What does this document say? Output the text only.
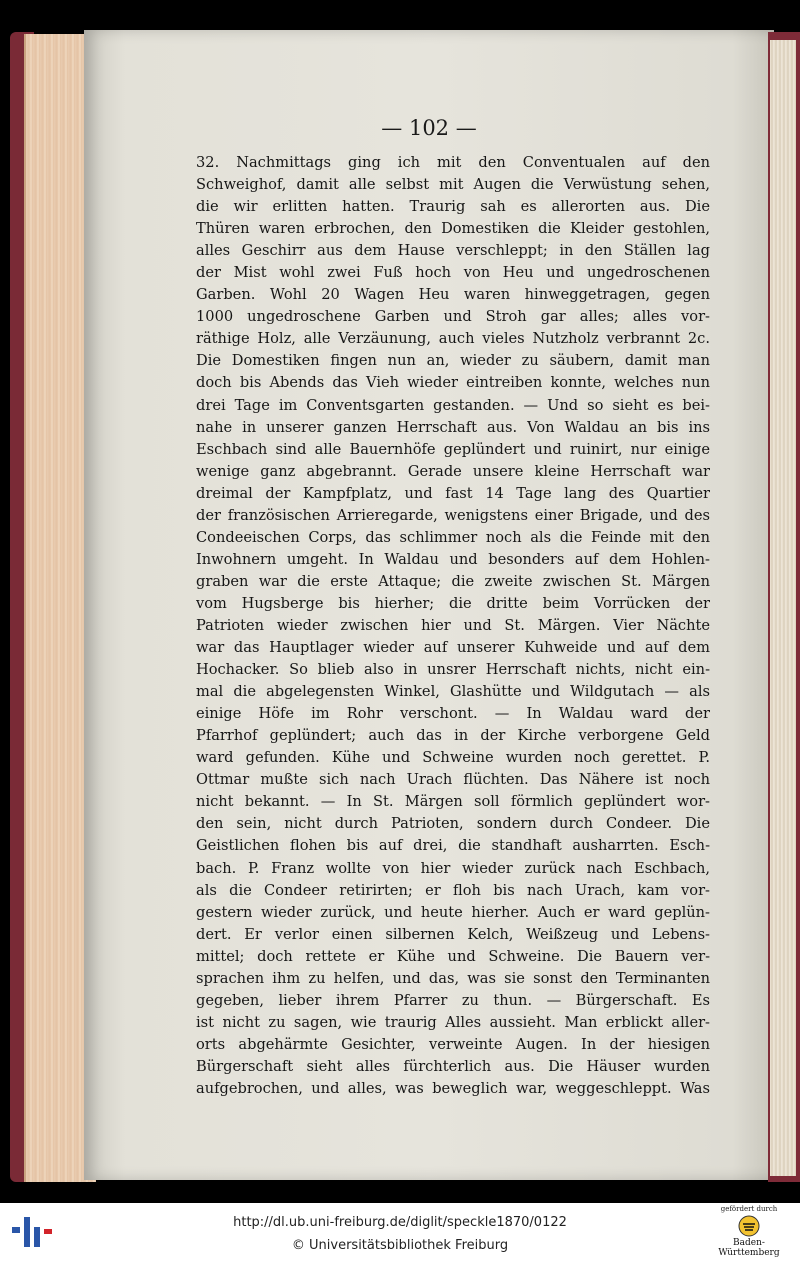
— 102 —
32. Nachmittags ging ich mit den Conventualen auf den
Schweighof, damit alle selbst mit Augen die Verwüstung sehen,
die wir erlitten hatten. Traurig sah es allerorten aus. Die
Thüren waren erbrochen, den Domestiken die Kleider gestohlen,
alles Geschirr aus dem Hause verschleppt; in den Ställen lag
der Mist wohl zwei Fuß hoch von Heu und ungedroschenen
Garben. Wohl 20 Wagen Heu waren hinweggetragen, gegen
1000 ungedroschene Garben und Stroh gar alles; alles vor-
räthige Holz, alle Verzäunung, auch vieles Nutzholz verbrannt 2c.
Die Domestiken fingen nun an, wieder zu säubern, damit man
doch bis Abends das Vieh wieder eintreiben konnte, welches nun
drei Tage im Conventsgarten gestanden. — Und so sieht es bei-
nahe in unserer ganzen Herrschaft aus. Von Waldau an bis ins
Eschbach sind alle Bauernhöfe geplündert und ruinirt, nur einige
wenige ganz abgebrannt. Gerade unsere kleine Herrschaft war
dreimal der Kampfplatz, und fast 14 Tage lang des Quartier
der französischen Arrieregarde, wenigstens einer Brigade, und des
Condeeischen Corps, das schlimmer noch als die Feinde mit den
Inwohnern umgeht. In Waldau und besonders auf dem Hohlen-
graben war die erste Attaque; die zweite zwischen St. Märgen
vom Hugsberge bis hierher; die dritte beim Vorrücken der
Patrioten wieder zwischen hier und St. Märgen. Vier Nächte
war das Hauptlager wieder auf unserer Kuhweide und auf dem
Hochacker. So blieb also in unsrer Herrschaft nichts, nicht ein-
mal die abgelegensten Winkel, Glashütte und Wildgutach — als
einige Höfe im Rohr verschont. — In Waldau ward der
Pfarrhof geplündert; auch das in der Kirche verborgene Geld
ward gefunden. Kühe und Schweine wurden noch gerettet. P.
Ottmar mußte sich nach Urach flüchten. Das Nähere ist noch
nicht bekannt. — In St. Märgen soll förmlich geplündert wor-
den sein, nicht durch Patrioten, sondern durch Condeer. Die
Geistlichen flohen bis auf drei, die standhaft ausharrten. Esch-
bach. P. Franz wollte von hier wieder zurück nach Eschbach,
als die Condeer retirirten; er floh bis nach Urach, kam vor-
gestern wieder zurück, und heute hierher. Auch er ward geplün-
dert. Er verlor einen silbernen Kelch, Weißzeug und Lebens-
mittel; doch rettete er Kühe und Schweine. Die Bauern ver-
sprachen ihm zu helfen, und das, was sie sonst den Terminanten
gegeben, lieber ihrem Pfarrer zu thun. — Bürgerschaft. Es
ist nicht zu sagen, wie traurig Alles aussieht. Man erblickt aller-
orts abgehärmte Gesichter, verweinte Augen. In der hiesigen
Bürgerschaft sieht alles fürchterlich aus. Die Häuser wurden
aufgebrochen, und alles, was beweglich war, weggeschleppt. Was
http://dl.ub.uni-freiburg.de/diglit/speckle1870/0122
© Universitätsbibliothek Freiburg
gefördert durch
Baden-Württemberg
